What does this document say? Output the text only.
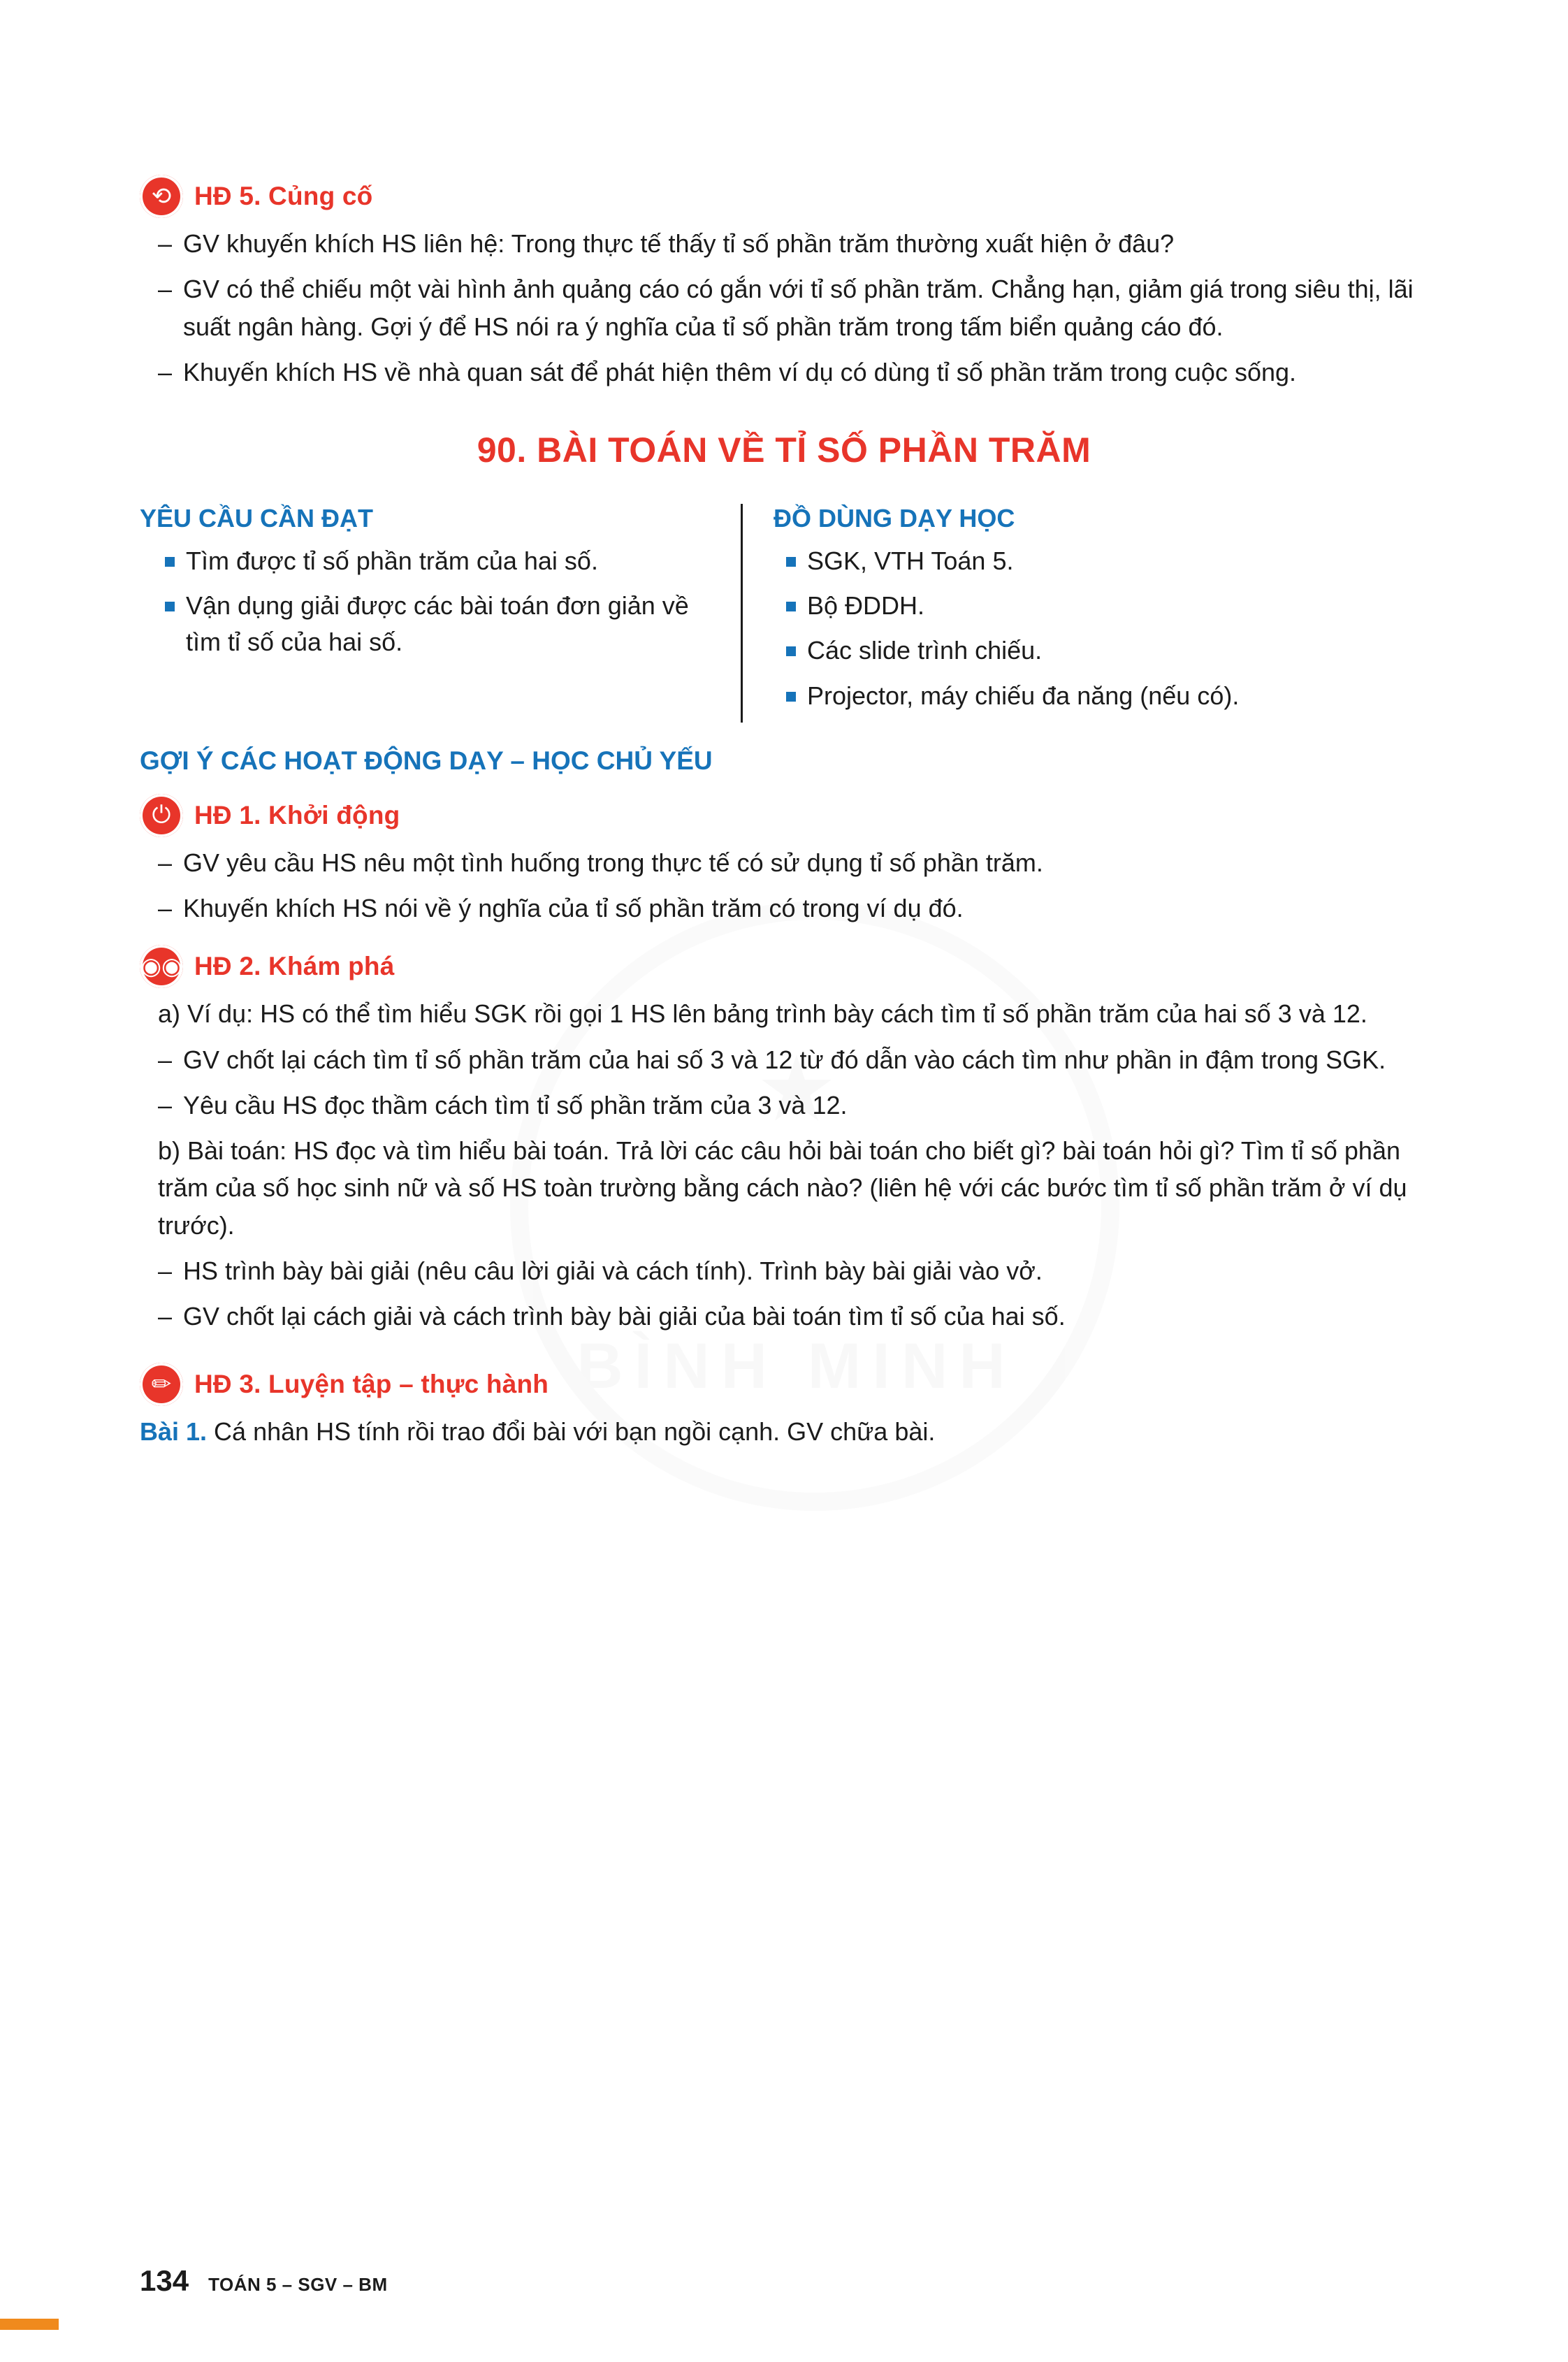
★
BÌNH MINH
⟲ HĐ 5. Củng cố
– GV khuyến khích HS liên hệ: Trong thực tế thấy tỉ số phần trăm thường xuất hiện ở đâu?
– GV có thể chiếu một vài hình ảnh quảng cáo có gắn với tỉ số phần trăm. Chẳng hạn, giảm giá trong siêu thị, lãi suất ngân hàng. Gợi ý để HS nói ra ý nghĩa của tỉ số phần trăm trong tấm biển quảng cáo đó.
– Khuyến khích HS về nhà quan sát để phát hiện thêm ví dụ có dùng tỉ số phần trăm trong cuộc sống.
90. BÀI TOÁN VỀ TỈ SỐ PHẦN TRĂM
YÊU CẦU CẦN ĐẠT
Tìm được tỉ số phần trăm của hai số.
Vận dụng giải được các bài toán đơn giản về tìm tỉ số của hai số.
ĐỒ DÙNG DẠY HỌC
SGK, VTH Toán 5.
Bộ ĐDDH.
Các slide trình chiếu.
Projector, máy chiếu đa năng (nếu có).
GỢI Ý CÁC HOẠT ĐỘNG DẠY – HỌC CHỦ YẾU
⏻ HĐ 1. Khởi động
– GV yêu cầu HS nêu một tình huống trong thực tế có sử dụng tỉ số phần trăm.
– Khuyến khích HS nói về ý nghĩa của tỉ số phần trăm có trong ví dụ đó.
◉◉ HĐ 2. Khám phá

a) Ví dụ: HS có thể tìm hiểu SGK rồi gọi 1 HS lên bảng trình bày cách tìm tỉ số phần trăm của hai số 3 và 12.

– GV chốt lại cách tìm tỉ số phần trăm của hai số 3 và 12 từ đó dẫn vào cách tìm như phần in đậm trong SGK.
– Yêu cầu HS đọc thầm cách tìm tỉ số phần trăm của 3 và 12.

b) Bài toán: HS đọc và tìm hiểu bài toán. Trả lời các câu hỏi bài toán cho biết gì? bài toán hỏi gì? Tìm tỉ số phần trăm của số học sinh nữ và số HS toàn trường bằng cách nào? (liên hệ với các bước tìm tỉ số phần trăm ở ví dụ trước).

– HS trình bày bài giải (nêu câu lời giải và cách tính). Trình bày bài giải vào vở.
– GV chốt lại cách giải và cách trình bày bài giải của bài toán tìm tỉ số của hai số.
✏ HĐ 3. Luyện tập – thực hành

Bài 1. Cá nhân HS tính rồi trao đổi bài với bạn ngồi cạnh. GV chữa bài.

134 TOÁN 5 – SGV – BM
